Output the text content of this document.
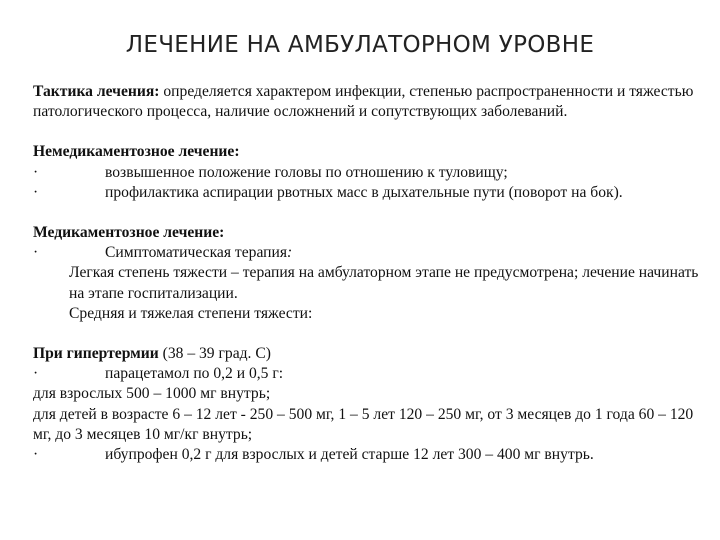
ЛЕЧЕНИЕ НА АМБУЛАТОРНОМ УРОВНЕ

Тактика лечения: определяется характером инфекции, степенью распространенности и тяжестью патологического процесса, наличие осложнений и сопутствующих заболеваний.

Немедикаментозное лечение:

·	возвышенное положение головы по отношению к туловищу;
·	профилактика аспирации рвотных масс в дыхательные пути (поворот на бок).

Медикаментозное лечение:

·	Симптоматическая терапия:

Легкая степень тяжести – терапия на амбулаторном этапе не предусмотрена; лечение начинать на этапе госпитализации.

Средняя и тяжелая степени тяжести:

При гипертермии (38 – 39 град. С)

·	парацетамол по 0,2 и 0,5 г:

для взрослых 500 – 1000 мг внутрь;

для детей в возрасте 6 – 12 лет - 250 – 500 мг, 1 – 5 лет 120 – 250 мг, от 3 месяцев до 1 года 60 – 120 мг, до 3 месяцев 10 мг/кг внутрь;

·	ибупрофен 0,2 г для взрослых и детей старше 12 лет 300 – 400 мг внутрь.
